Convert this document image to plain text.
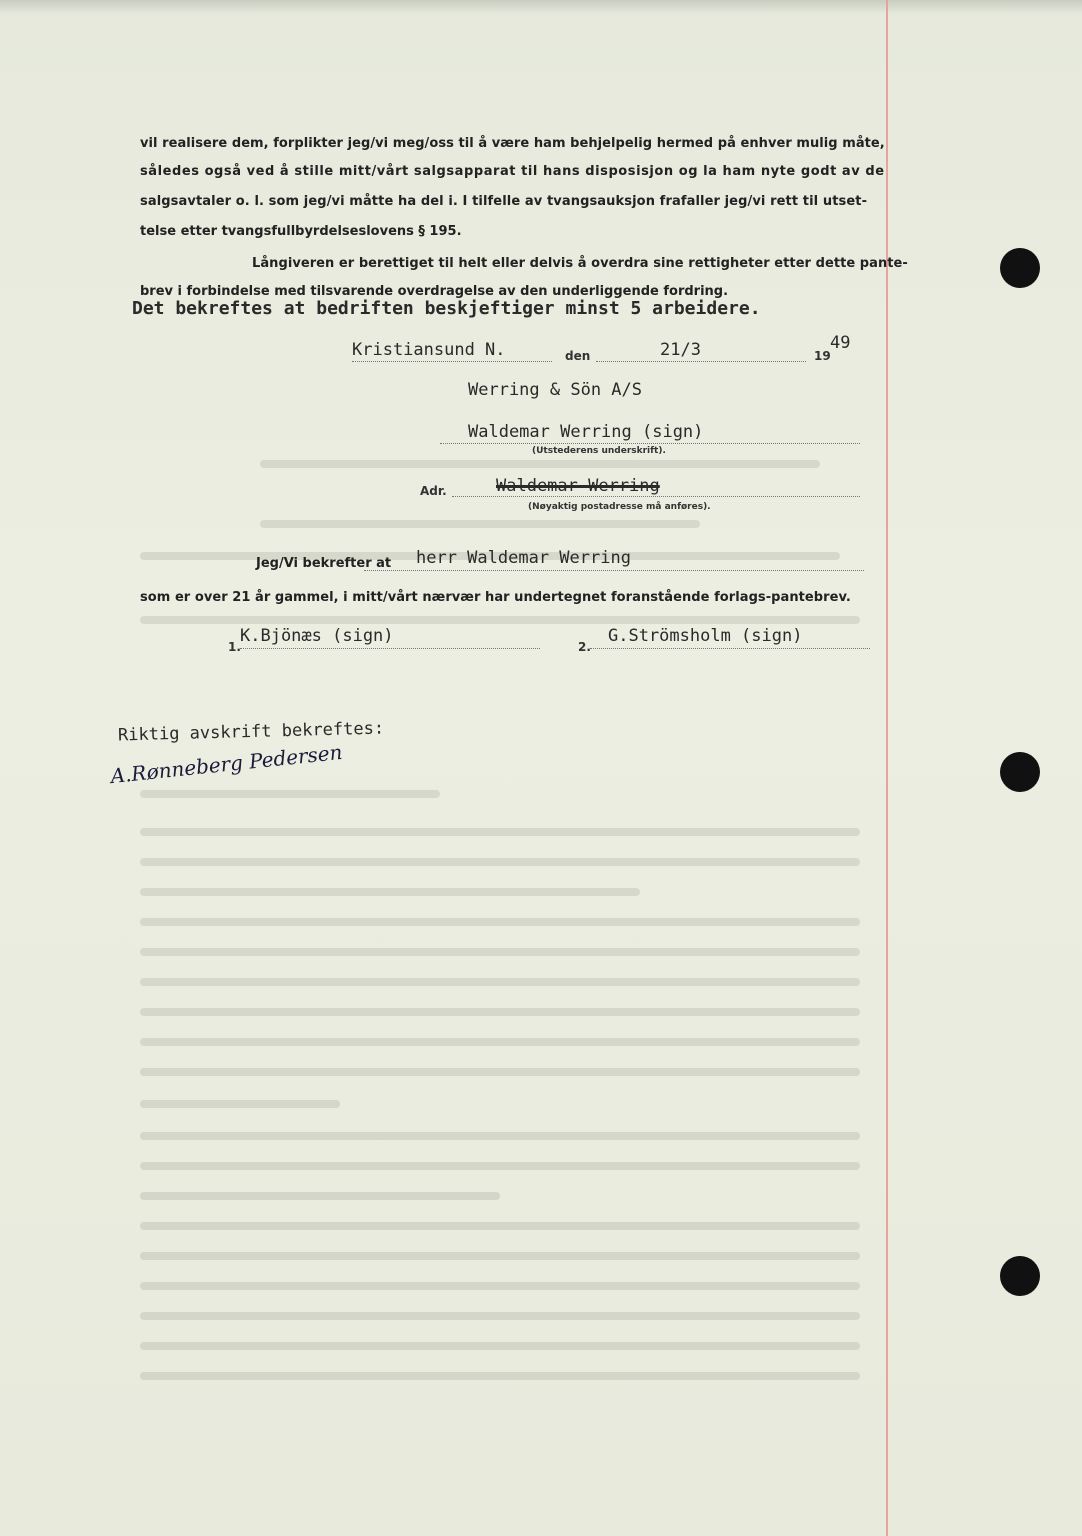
vil realisere dem, forplikter jeg/vi meg/oss til å være ham behjelpelig hermed på enhver mulig måte,
således også ved å stille mitt/vårt salgsapparat til hans disposisjon og la ham nyte godt av de
salgsavtaler o. l. som jeg/vi måtte ha del i. I tilfelle av tvangsauksjon frafaller jeg/vi rett til utset-
telse etter tvangsfullbyrdelseslovens § 195.
Långiveren er berettiget til helt eller delvis å overdra sine rettigheter etter dette pante-
brev i forbindelse med tilsvarende overdragelse av den underliggende fordring.
Det bekreftes at bedriften beskjeftiger minst 5 arbeidere.
Kristiansund N.	den	21/3	19
49
Werring & Sön A/S
Waldemar Werring (sign)
(Utstederens underskrift).
Adr.	Waldemar Werring
(Nøyaktig postadresse må anføres).
Jeg/Vi bekrefter at herr Waldemar Werring
som er over 21 år gammel, i mitt/vårt nærvær har undertegnet foranstående forlags-pantebrev.
1.
K.Bjönæs (sign)
2.
G.Strömsholm (sign)
Riktig avskrift bekreftes:
A.Rønneberg Pedersen
